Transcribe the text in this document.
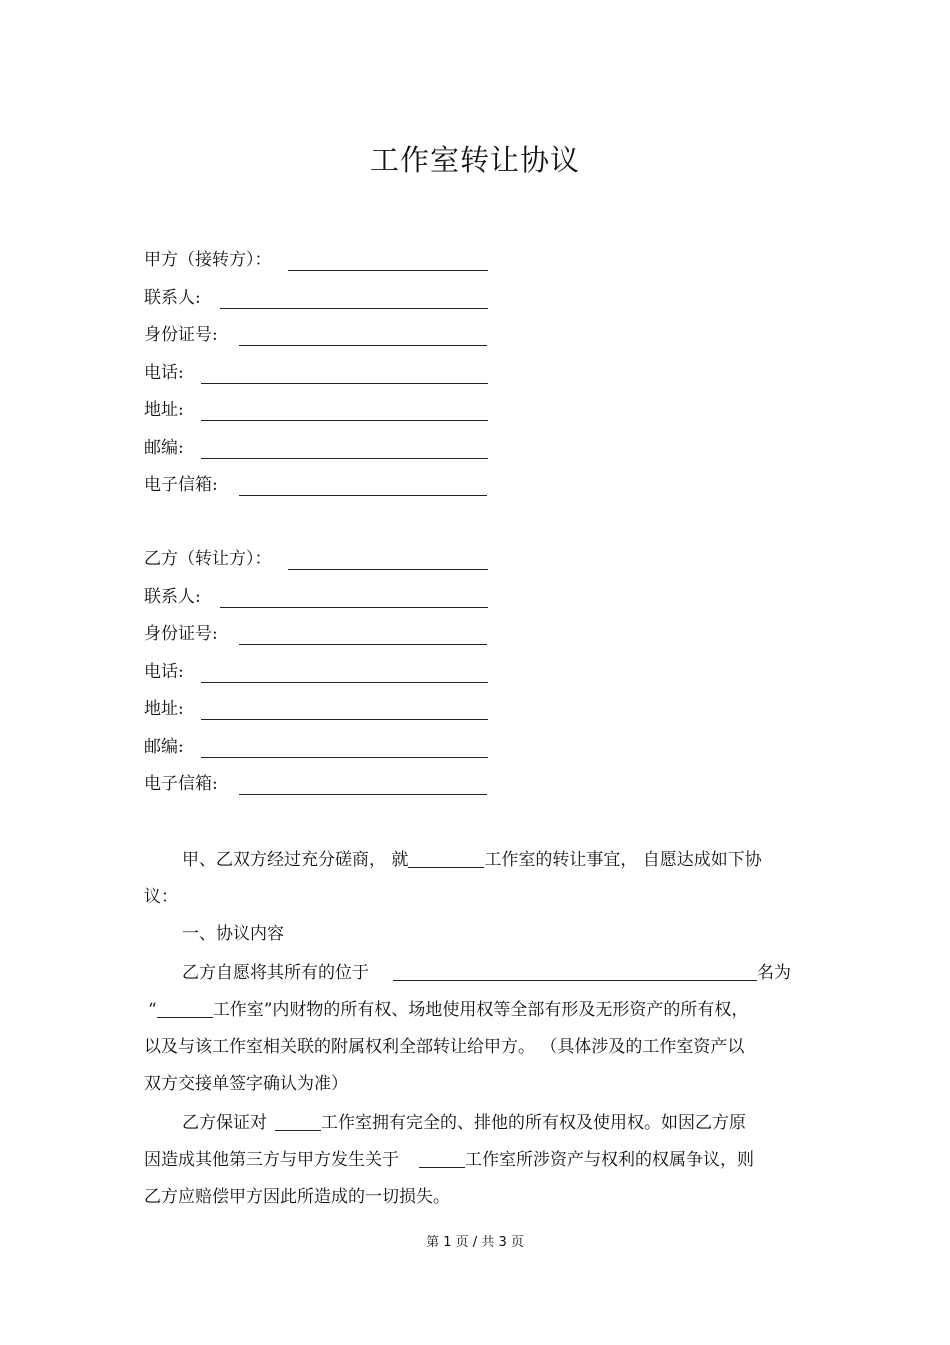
工作室转让协议
甲方（接转方）：
联系人:
身份证号:
电话:
地址:
邮编:
电子信箱:
乙方（转让方）：
联系人:
身份证号:
电话:
地址:
邮编:
电子信箱:
甲、乙双方经过充分磋商， 就	工作室的转让事宜， 自愿达成如下协
议：
一、协议内容
乙方自愿将其所有的位于	名为
“	工作室”内财物的所有权、场地使用权等全部有形及无形资产的所有权，
以及与该工作室相关联的附属权利全部转让给甲方。 （具体涉及的工作室资产以
双方交接单签字确认为准）
乙方保证对	工作室拥有完全的、排他的所有权及使用权。如因乙方原
因造成其他第三方与甲方发生关于	工作室所涉资产与权利的权属争议，则
乙方应赔偿甲方因此所造成的一切损失。
第 1 页 / 共 3 页
